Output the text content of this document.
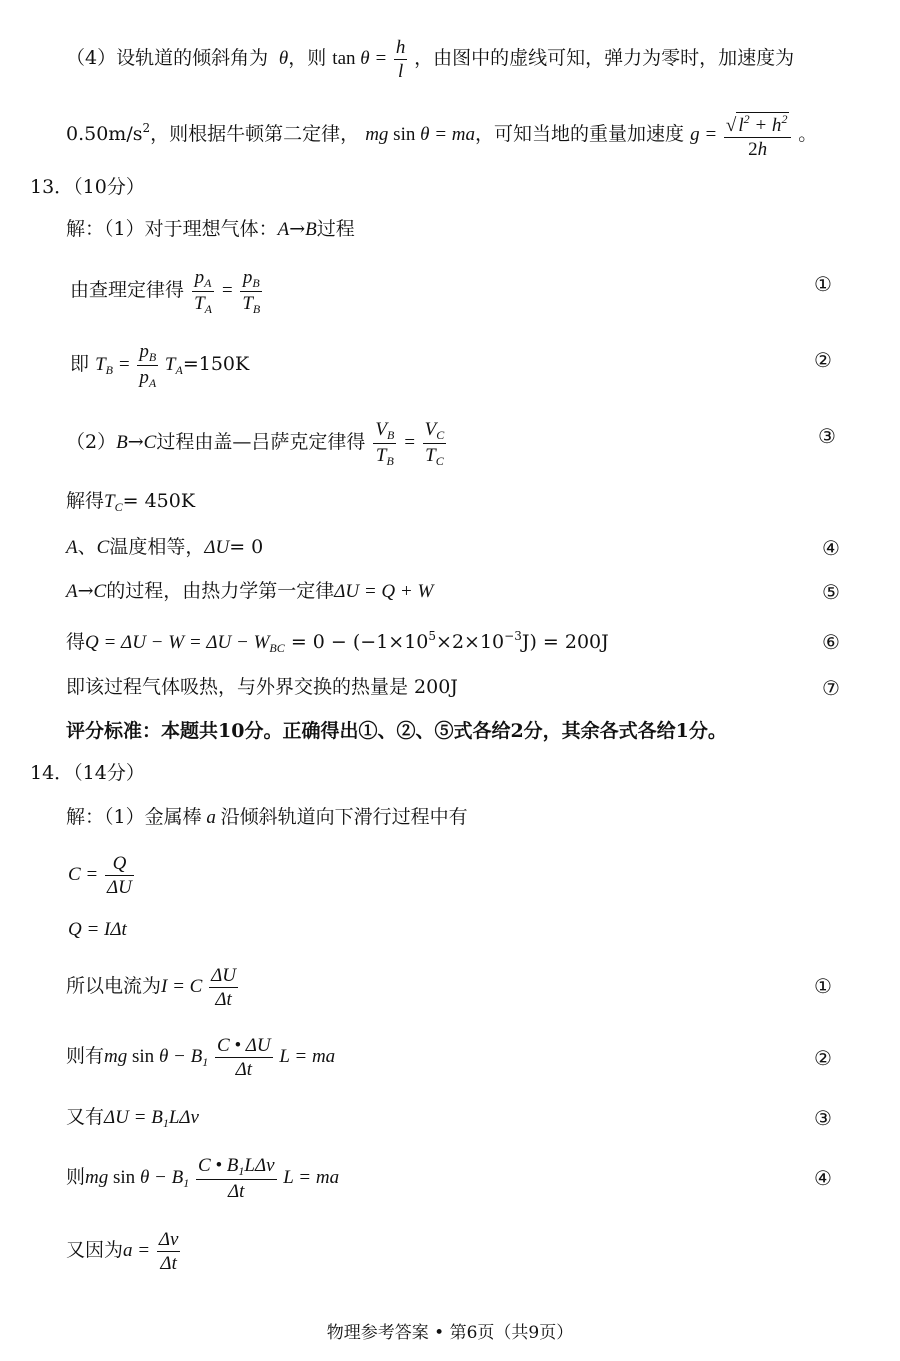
（4）设轨道的倾斜角为  θ，则 $\tan \theta = \frac{h}{l}$ ，由图中的虚线可知，弹力为零时，加速度为
$0.50m/s^2$，则根据牛顿第二定律， mg sin θ = ma，可知当地的重量加速度 $g = \frac{√ l^2 + h^2}{2h}$ 。
13．（10分）
解：（1）对于理想气体：A→B过程
由查理定律得 $\frac{p_A}{T_A} = \frac{p_B}{T_B}$	①
即 $T_B = \frac{p_B}{p_A} T_A=150K$	②
（2）B→C过程由盖—吕萨克定律得 $\frac{V_B}{T_B} = \frac{V_C}{T_C}$	③
解得$T_C= 450K$
A、C温度相等，ΔU= 0	④
A→C的过程，由热力学第一定律ΔU = Q + W	⑤
得$Q = \Delta U - W = \Delta U - W_{BC} = 0 - (-1\times 10^5\times 2\times 10^{-3}J) = 200J$	⑥
即该过程气体吸热，与外界交换的热量是 200J	⑦
评分标准：本题共10分。正确得出①、②、⑤式各给2分，其余各式各给1分。
14．（14分）
解：（1）金属棒 a 沿倾斜轨道向下滑行过程中有
$C = \frac{Q}{\Delta U}$
Q = IΔt
所以电流为I = C $\frac{\Delta U}{\Delta t}$	①
则有mg $\sin \theta - B_1 \frac{C • \Delta U}{\Delta t}$ L = ma	②
又有$\Delta U = B_1L\Delta v$	③
则mg $\sin \theta - B_1 \frac{C • B_1L\Delta v}{\Delta t}$ L = ma	④
又因为$a = \frac{\Delta v}{\Delta t}$
物理参考答案 • 第6页（共9页）
